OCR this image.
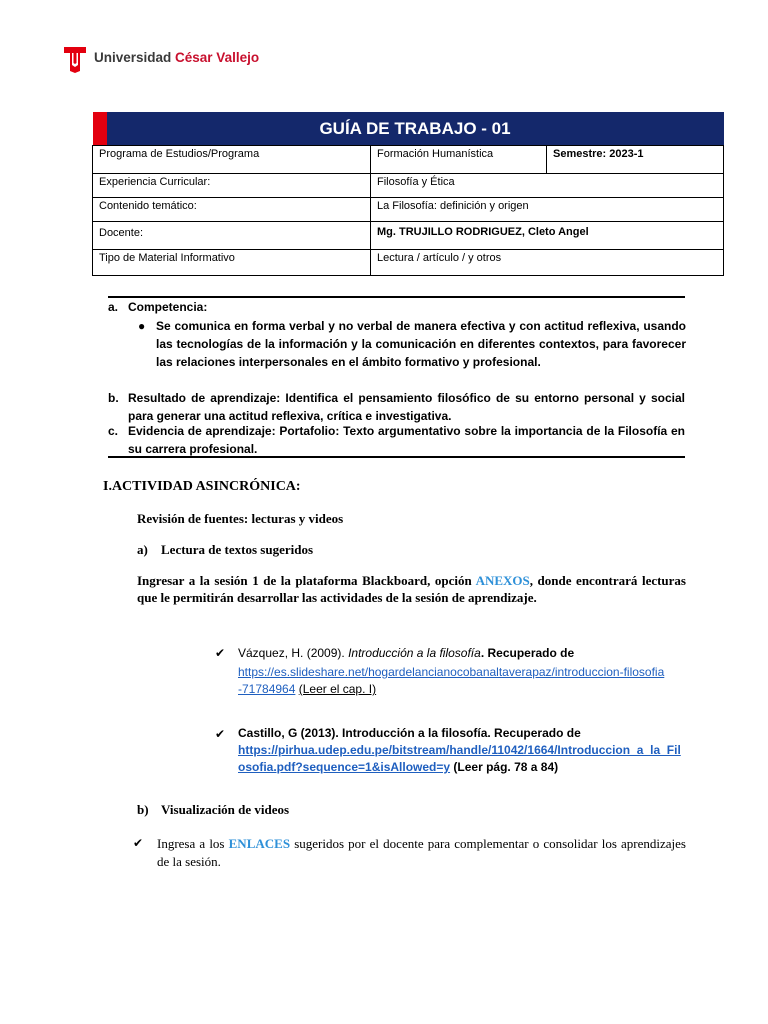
Universidad César Vallejo
GUÍA DE TRABAJO - 01		

Programa de Estudios/Programa	Formación Humanística	Semestre: 2023-1
Experiencia Curricular:	Filosofía y Ética	
Contenido temático:	La Filosofía: definición y origen	
Docente:	Mg. TRUJILLO RODRIGUEZ, Cleto Angel	
Tipo de Material Informativo	Lectura / artículo / y otros	
a. Competencia:
● Se comunica en forma verbal y no verbal de manera efectiva y con actitud reflexiva, usando las tecnologías de la información y la comunicación en diferentes contextos, para favorecer las relaciones interpersonales en el ámbito formativo y profesional.
b. Resultado de aprendizaje: Identifica el pensamiento filosófico de su entorno personal y social para generar una actitud reflexiva, crítica e investigativa.
c. Evidencia de aprendizaje: Portafolio: Texto argumentativo sobre la importancia de la Filosofía en su carrera profesional.
I.ACTIVIDAD ASINCRÓNICA:
Revisión de fuentes: lecturas y videos
a) Lectura de textos sugeridos
Ingresar a la sesión 1 de la plataforma Blackboard, opción ANEXOS, donde encontrará lecturas que le permitirán desarrollar las actividades de la sesión de aprendizaje.
✔ Vázquez, H. (2009). Introducción a la filosofía. Recuperado de
https://es.slideshare.net/hogardelancianocobanaltaverapaz/introduccion-filosofia-71784964 (Leer el cap. I)
✔ Castillo, G (2013). Introducción a la filosofía. Recuperado de
https://pirhua.udep.edu.pe/bitstream/handle/11042/1664/Introduccion_a_la_Filosofia.pdf?sequence=1&isAllowed=y (Leer pág. 78 a 84)
b) Visualización de videos
✔ Ingresa a los ENLACES sugeridos por el docente para complementar o consolidar los aprendizajes de la sesión.
